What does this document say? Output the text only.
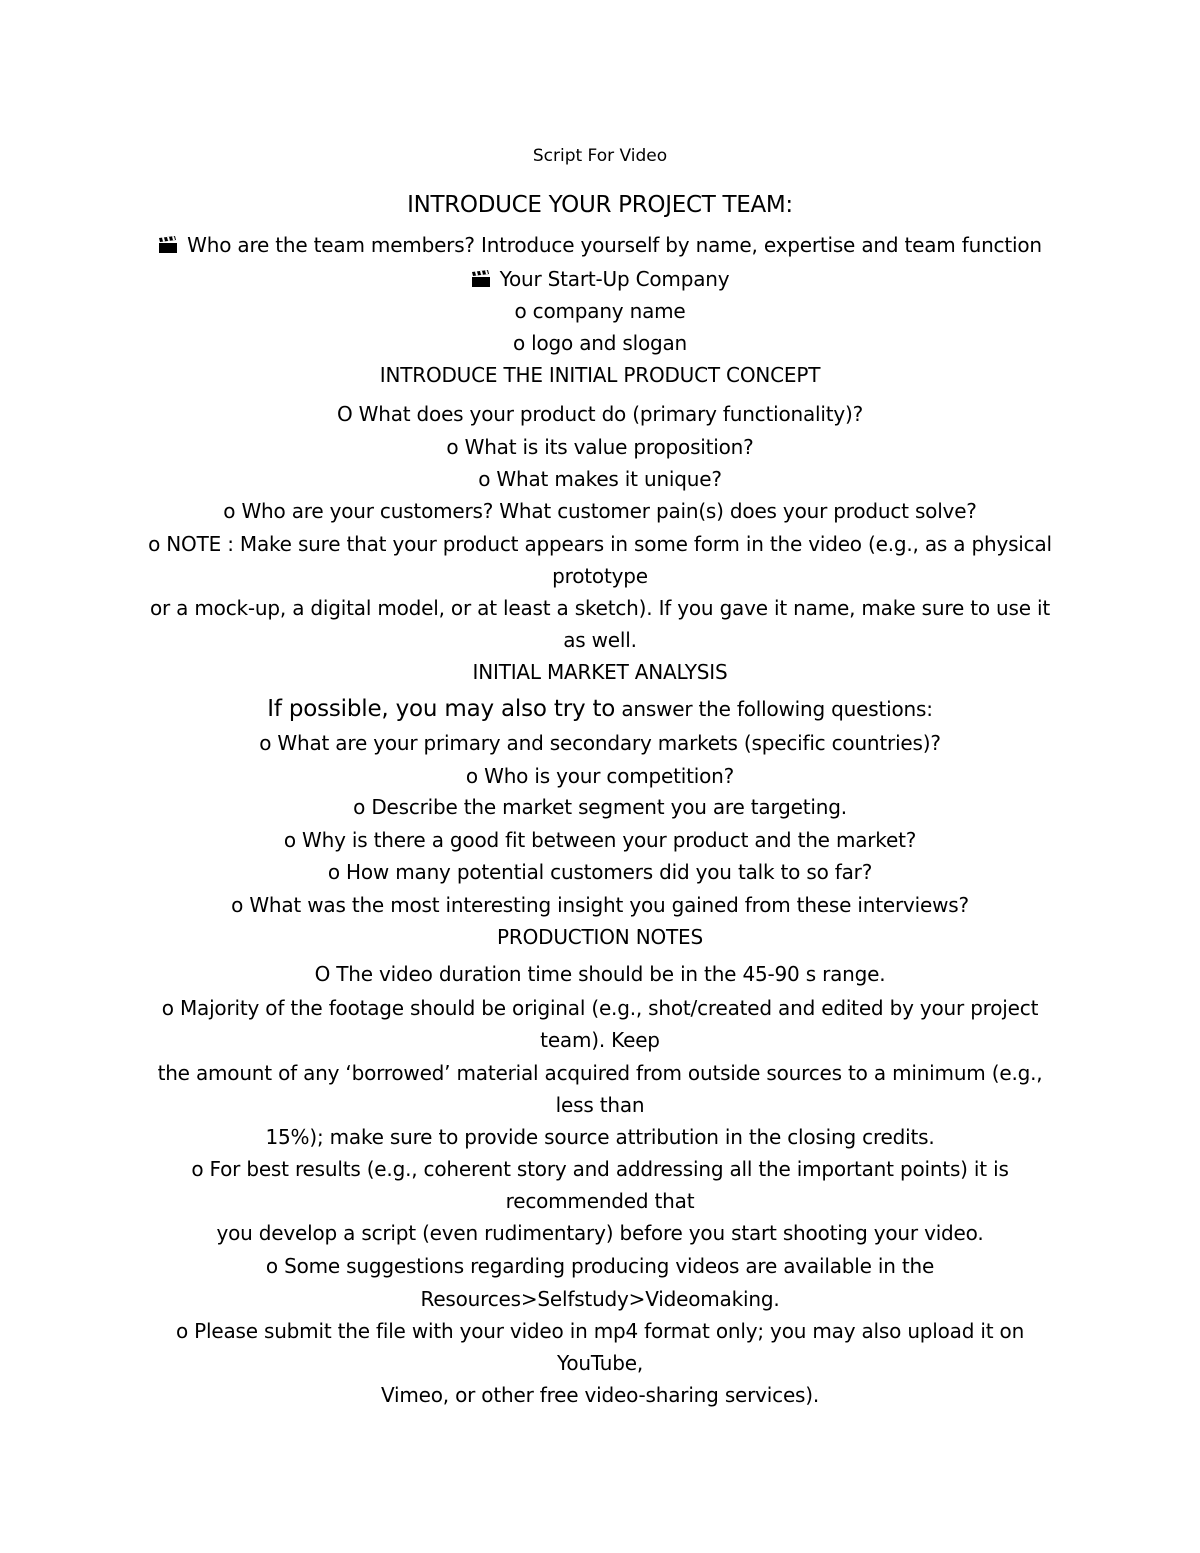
Script For Video
INTRODUCE YOUR PROJECT TEAM:
Who are the team members? Introduce yourself by name, expertise and team function
Your Start-Up Company
o company name
o logo and slogan
INTRODUCE THE INITIAL PRODUCT CONCEPT
O What does your product do (primary functionality)?
o What is its value proposition?
o What makes it unique?
o Who are your customers? What customer pain(s) does your product solve?
o NOTE : Make sure that your product appears in some form in the video (e.g., as a physical
prototype
or a mock-up, a digital model, or at least a sketch). If you gave it name, make sure to use it
as well.
INITIAL MARKET ANALYSIS
If possible, you may also try to answer the following questions:
o What are your primary and secondary markets (specific countries)?
o Who is your competition?
o Describe the market segment you are targeting.
o Why is there a good fit between your product and the market?
o How many potential customers did you talk to so far?
o What was the most interesting insight you gained from these interviews?
PRODUCTION NOTES
O The video duration time should be in the 45-90 s range.
o Majority of the footage should be original (e.g., shot/created and edited by your project
team). Keep
the amount of any ‘borrowed’ material acquired from outside sources to a minimum (e.g.,
less than
15%); make sure to provide source attribution in the closing credits.
o For best results (e.g., coherent story and addressing all the important points) it is
recommended that
you develop a script (even rudimentary) before you start shooting your video.
o Some suggestions regarding producing videos are available in the
Resources>Selfstudy>Videomaking.
o Please submit the file with your video in mp4 format only; you may also upload it on
YouTube,
Vimeo, or other free video-sharing services).
